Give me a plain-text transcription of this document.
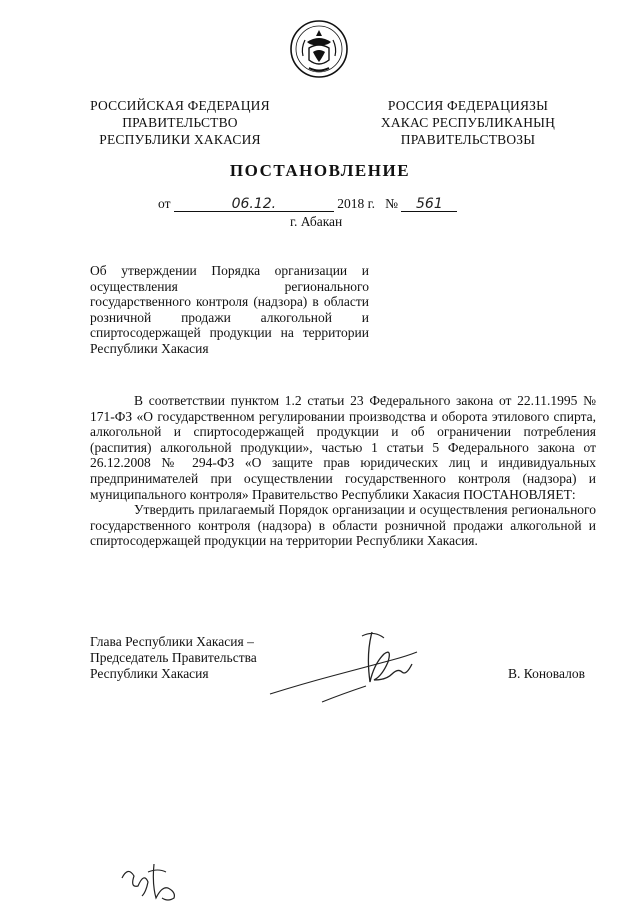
РОССИЙСКАЯ ФЕДЕРАЦИЯ
ПРАВИТЕЛЬСТВО
РЕСПУБЛИКИ ХАКАСИЯ
РОССИЯ ФЕДЕРАЦИЯЗЫ
ХАКАС РЕСПУБЛИКАНЫҢ
ПРАВИТЕЛЬСТВОЗЫ
ПОСТАНОВЛЕНИЕ
от	06.12.	2018 г. № 561
г. Абакан
Об утверждении Порядка организации и осуществления регионального государственного контроля (надзора) в области розничной продажи алкогольной и спиртосодержащей продукции на территории Республики Хакасия

В соответствии пунктом 1.2 статьи 23 Федерального закона от 22.11.1995 № 171-ФЗ «О государственном регулировании производства и оборота этилового спирта, алкогольной и спиртосодержащей продукции и об ограничении потребления (распития) алкогольной продукции», частью 1 статьи 5 Федерального закона от 26.12.2008 № 294-ФЗ «О защите прав юридических лиц и индивидуальных предпринимателей при осуществлении государственного контроля (надзора) и муниципального контроля» Правительство Республики Хакасия ПОСТАНОВЛЯЕТ:

Утвердить прилагаемый Порядок организации и осуществления регионального государственного контроля (надзора) в области розничной продажи алкогольной и спиртосодержащей продукции на территории Республики Хакасия.

Глава Республики Хакасия –
Председатель Правительства
Республики Хакасия	В. Коновалов
